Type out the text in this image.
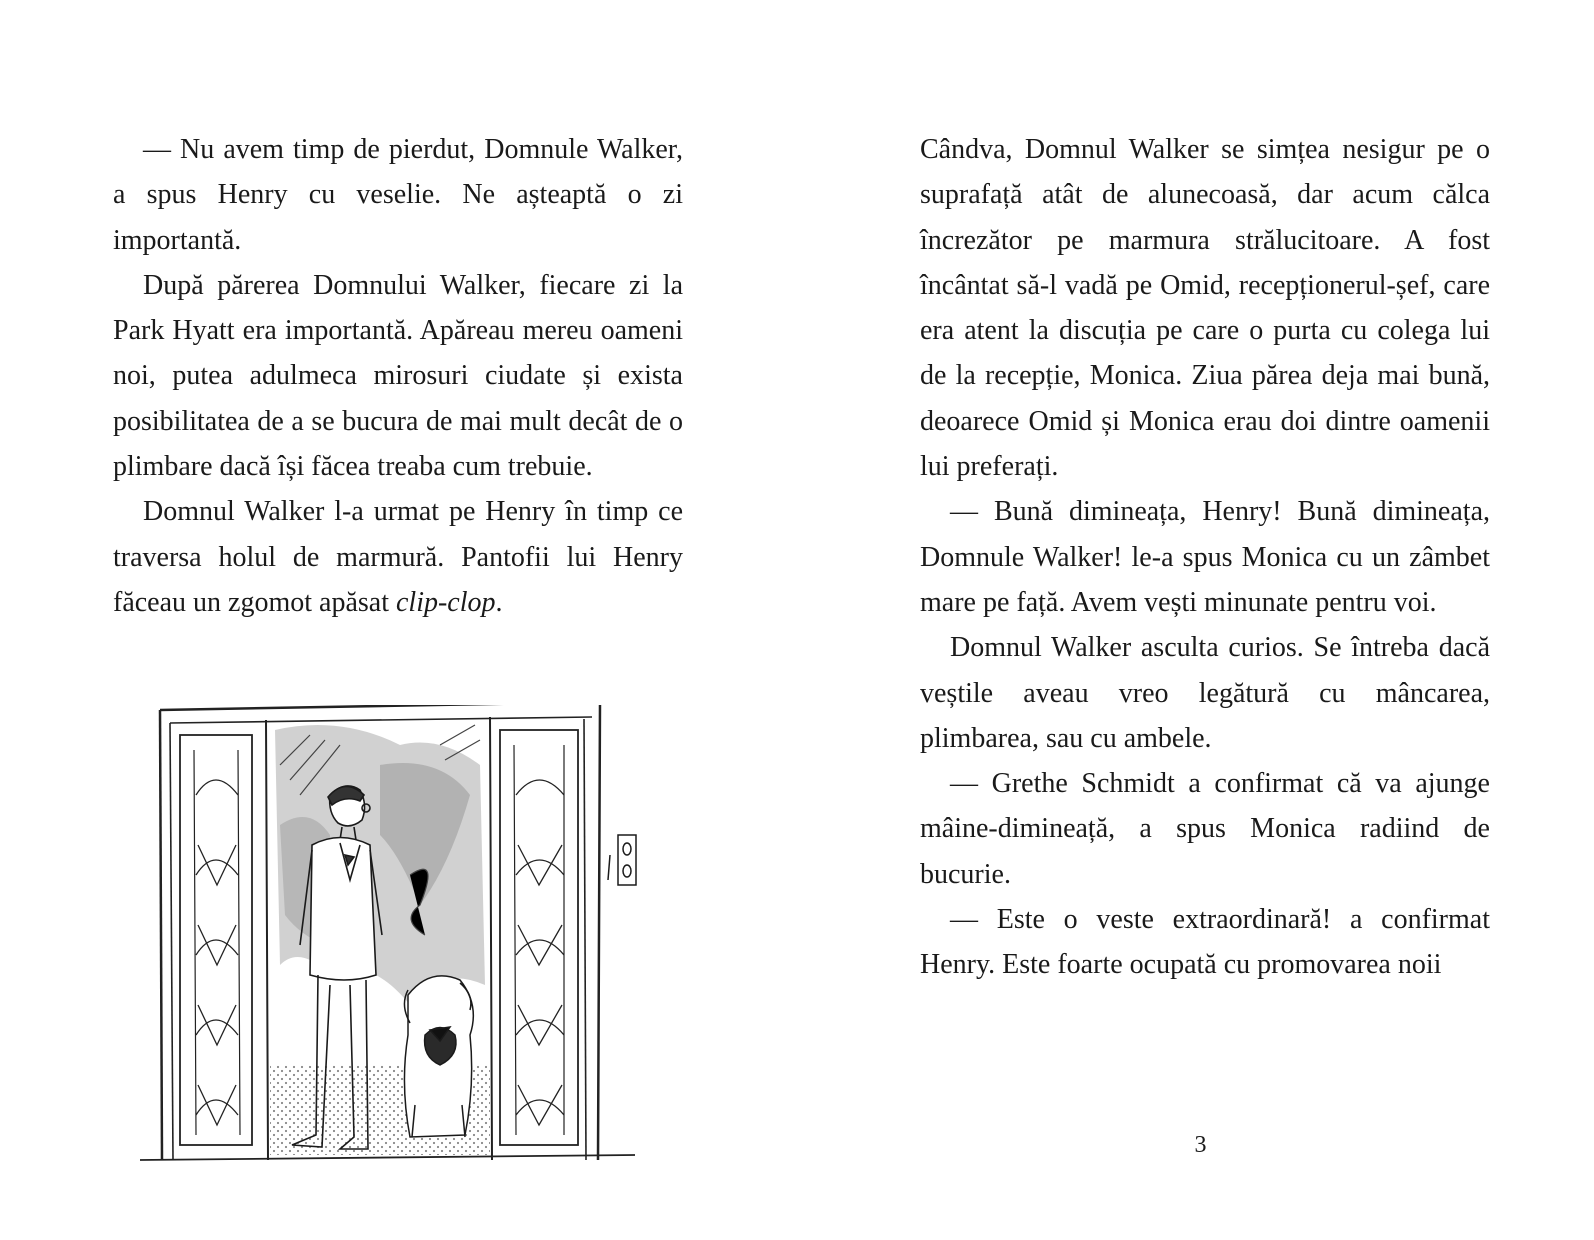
— Nu avem timp de pierdut, Domnule Walker, a spus Henry cu veselie. Ne așteaptă o zi importantă.

După părerea Domnului Walker, fiecare zi la Park Hyatt era importantă. Apăreau mereu oameni noi, putea adulmeca mirosuri ciudate și exista posibilitatea de a se bucura de mai mult decât de o plimbare dacă își făcea treaba cum trebuie.

Domnul Walker l-a urmat pe Henry în timp ce traversa holul de marmură. Pantofii lui Henry făceau un zgomot apăsat clip-clop.

Cândva, Domnul Walker se simțea nesigur pe o suprafață atât de alunecoasă, dar acum călca încrezător pe marmura strălucitoare. A fost încântat să-l vadă pe Omid, recepționerul-șef, care era atent la discuția pe care o purta cu colega lui de la recepție, Monica. Ziua părea deja mai bună, deoarece Omid și Monica erau doi dintre oamenii lui preferați.

— Bună dimineața, Henry! Bună dimineața, Domnule Walker! le-a spus Monica cu un zâmbet mare pe față. Avem vești minunate pentru voi.

Domnul Walker asculta curios. Se întreba dacă veștile aveau vreo legătură cu mâncarea, plimbarea, sau cu ambele.

— Grethe Schmidt a confirmat că va ajunge mâine-dimineață, a spus Monica radiind de bucurie.

— Este o veste extraordinară! a confirmat Henry. Este foarte ocupată cu promovarea noii

3
